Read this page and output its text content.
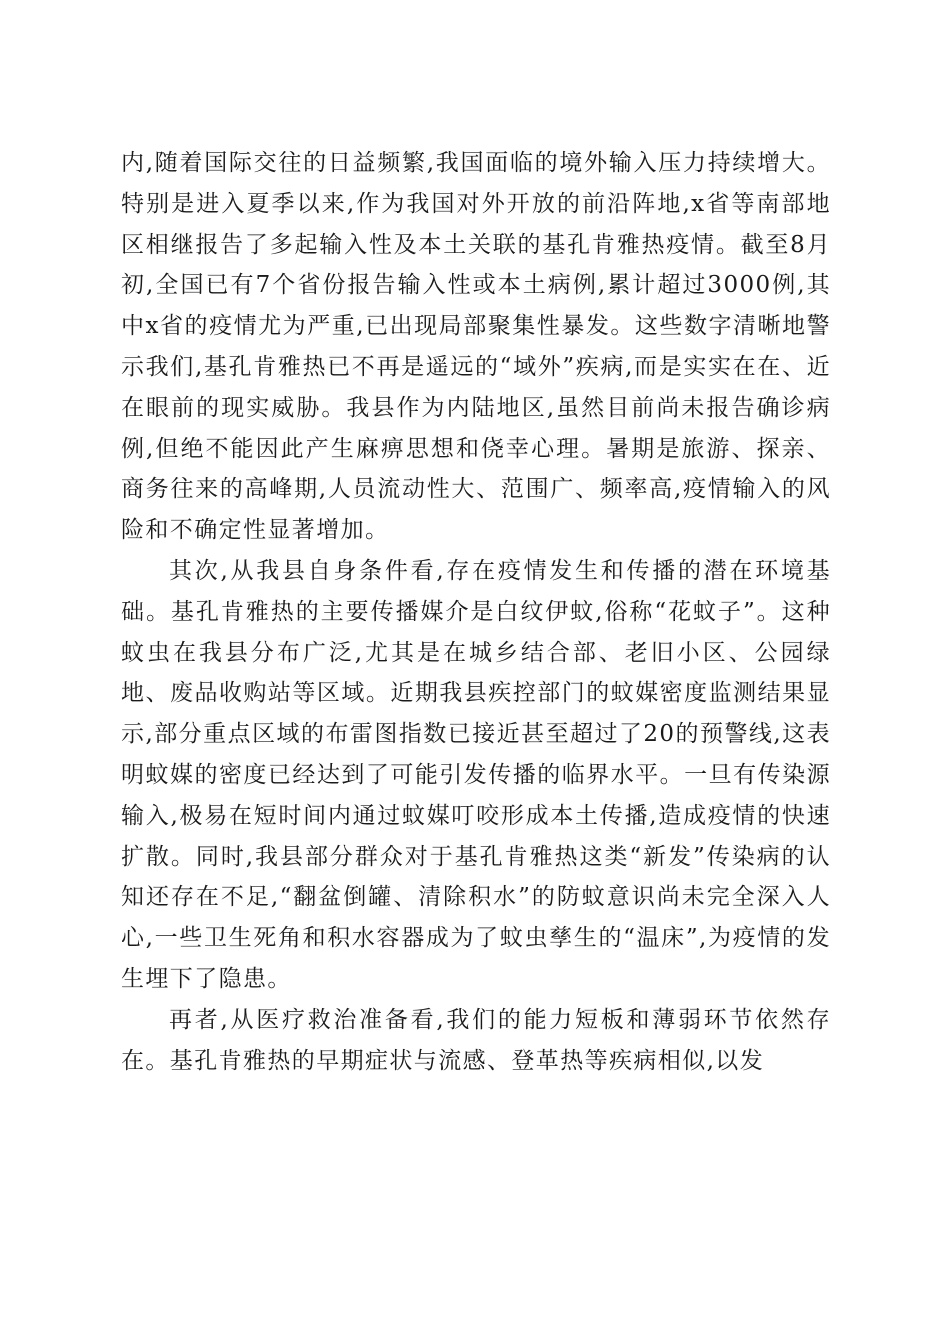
内,随着国际交往的日益频繁,我国面临的境外输入压力持续增大。特别是进入夏季以来,作为我国对外开放的前沿阵地,x省等南部地区相继报告了多起输入性及本土关联的基孔肯雅热疫情。截至8月初,全国已有7个省份报告输入性或本土病例,累计超过3000例,其中x省的疫情尤为严重,已出现局部聚集性暴发。这些数字清晰地警示我们,基孔肯雅热已不再是遥远的“域外”疾病,而是实实在在、近在眼前的现实威胁。我县作为内陆地区,虽然目前尚未报告确诊病例,但绝不能因此产生麻痹思想和侥幸心理。暑期是旅游、探亲、商务往来的高峰期,人员流动性大、范围广、频率高,疫情输入的风险和不确定性显著增加。

其次,从我县自身条件看,存在疫情发生和传播的潜在环境基础。基孔肯雅热的主要传播媒介是白纹伊蚊,俗称“花蚊子”。这种蚊虫在我县分布广泛,尤其是在城乡结合部、老旧小区、公园绿地、废品收购站等区域。近期我县疾控部门的蚊媒密度监测结果显示,部分重点区域的布雷图指数已接近甚至超过了20的预警线,这表明蚊媒的密度已经达到了可能引发传播的临界水平。一旦有传染源输入,极易在短时间内通过蚊媒叮咬形成本土传播,造成疫情的快速扩散。同时,我县部分群众对于基孔肯雅热这类“新发”传染病的认知还存在不足,“翻盆倒罐、清除积水”的防蚊意识尚未完全深入人心,一些卫生死角和积水容器成为了蚊虫孳生的“温床”,为疫情的发生埋下了隐患。

再者,从医疗救治准备看,我们的能力短板和薄弱环节依然存在。基孔肯雅热的早期症状与流感、登革热等疾病相似,以发
